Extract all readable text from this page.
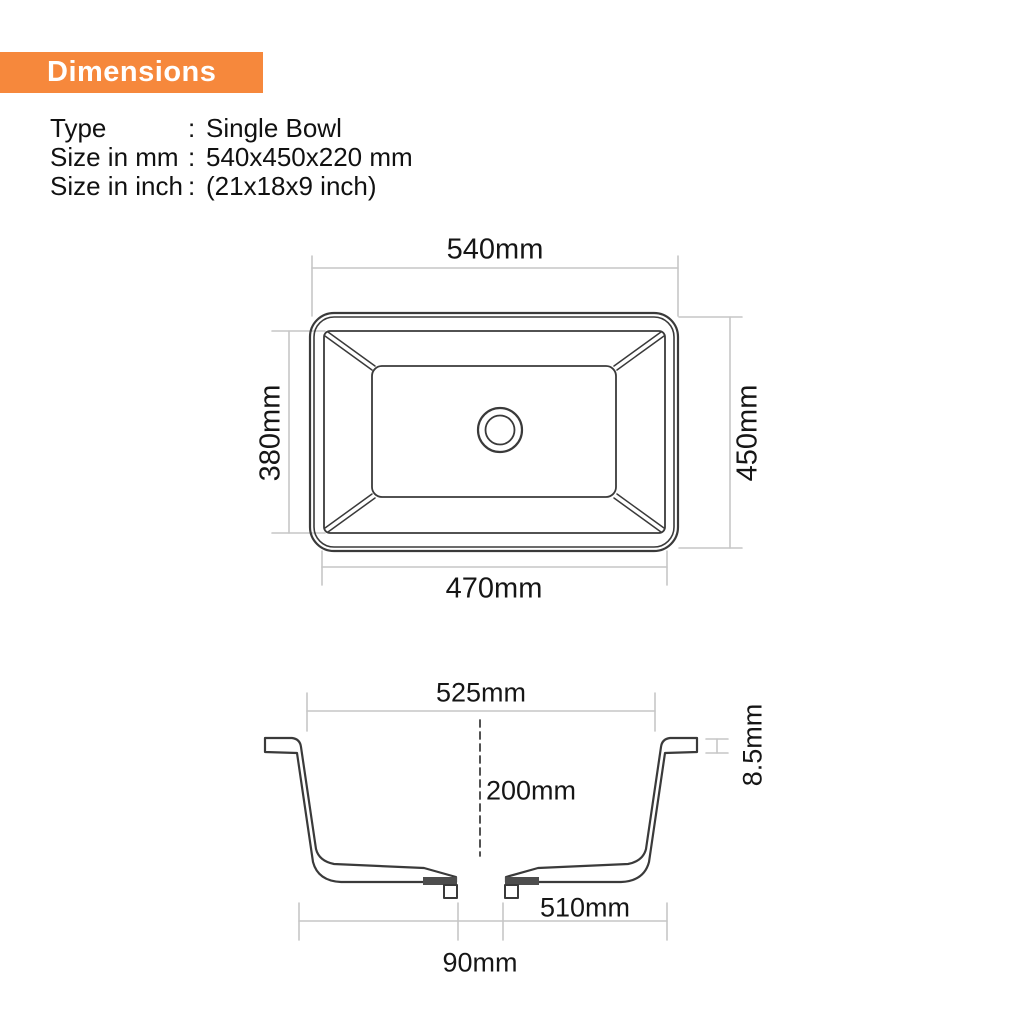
Dimensions
Type	: Single Bowl
Size in mm : 540x450x220 mm
Size in inch : (21x18x9 inch)
540mm
450mm
380mm
470mm
525mm
200mm
8.5mm
510mm
90mm
